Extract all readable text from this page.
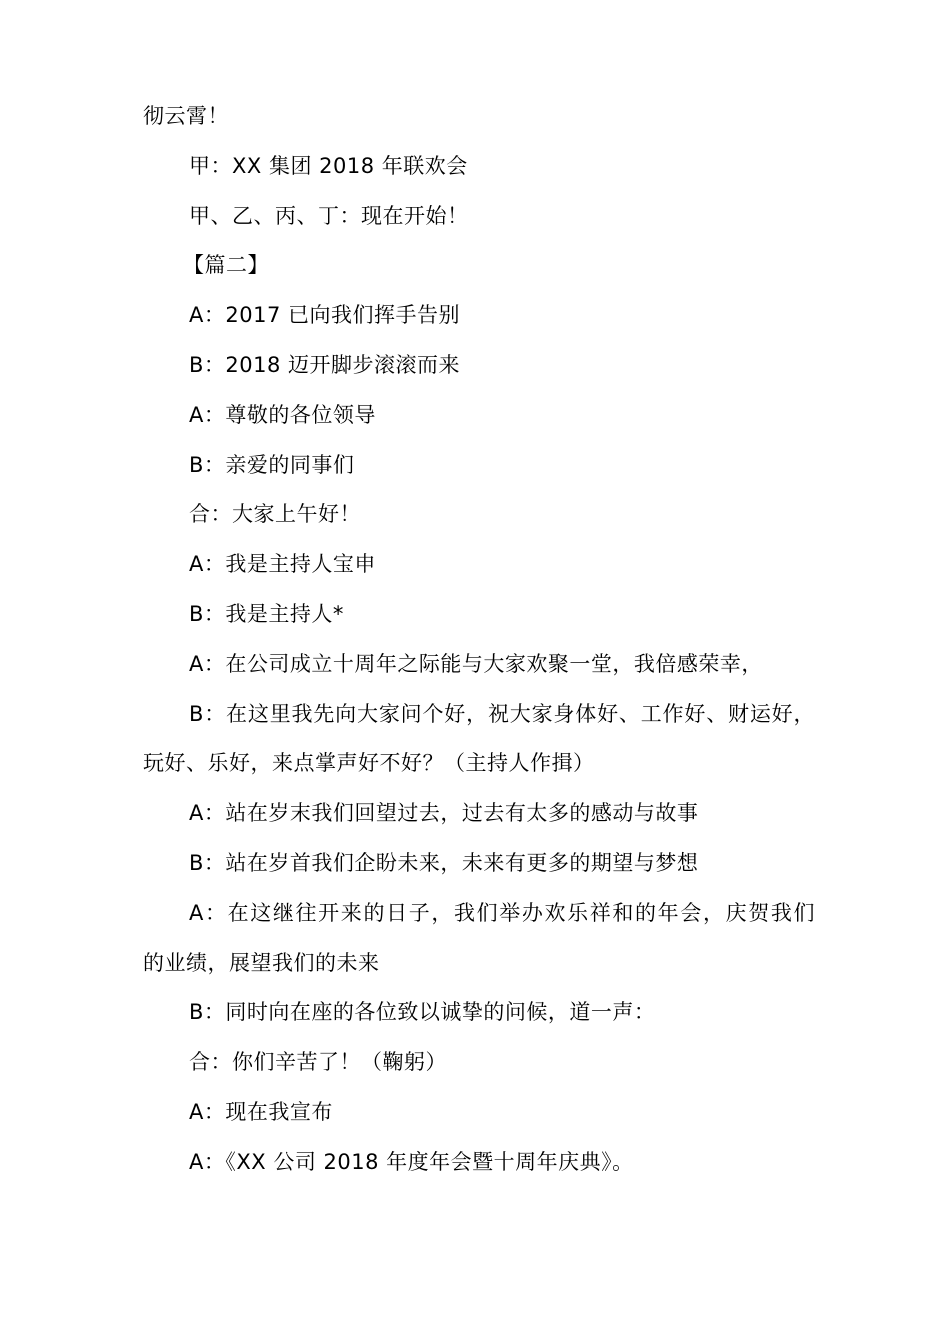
彻云霄！
甲：XX 集团 2018 年联欢会
甲、乙、丙、丁：现在开始！
【篇二】
A：2017 已向我们挥手告别
B：2018 迈开脚步滚滚而来
A：尊敬的各位领导
B：亲爱的同事们
合：大家上午好！
A：我是主持人宝申
B：我是主持人*
A：在公司成立十周年之际能与大家欢聚一堂，我倍感荣幸，
B：在这里我先向大家问个好，祝大家身体好、工作好、财运好，
玩好、乐好，来点掌声好不好？（主持人作揖）
A：站在岁末我们回望过去，过去有太多的感动与故事
B：站在岁首我们企盼未来，未来有更多的期望与梦想
A：在这继往开来的日子，我们举办欢乐祥和的年会，庆贺我们
的业绩，展望我们的未来
B：同时向在座的各位致以诚挚的问候，道一声：
合：你们辛苦了！（鞠躬）
A：现在我宣布
A：《XX 公司 2018 年度年会暨十周年庆典》。
